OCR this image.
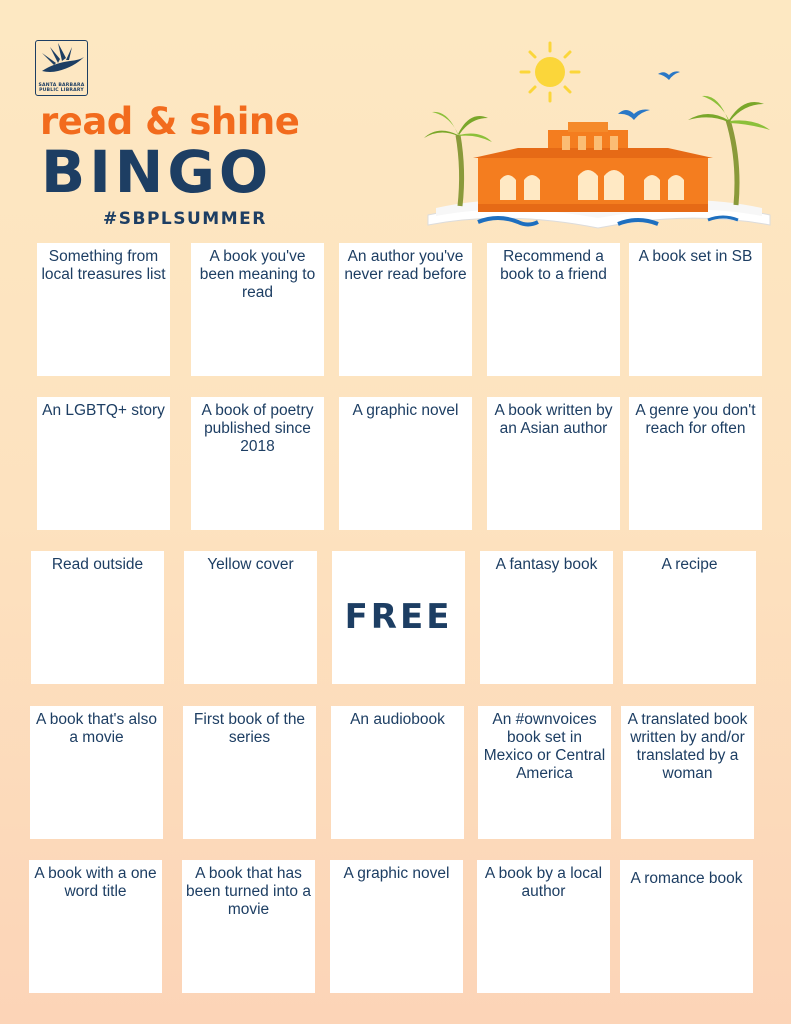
SANTA BARBARA
PUBLIC LIBRARY
read & shine
BINGO
#SBPLSUMMER
Something from local treasures list
A book you've been meaning to read
An author you've never read before
Recommend a book to a friend
A book set in SB
An LGBTQ+ story	A book of poetry published since 2018
A graphic novel	A book written by an Asian author
A genre you don't reach for often
Read outside	Yellow cover
FREE
A fantasy book	A recipe
A book that's also a movie
First book of the series
An audiobook	An #ownvoices book set in Mexico or Central America
A translated book written by and/or translated by a woman
A book with a one word title
A book that has been turned into a movie
A graphic novel	A book by a local author
A romance book
